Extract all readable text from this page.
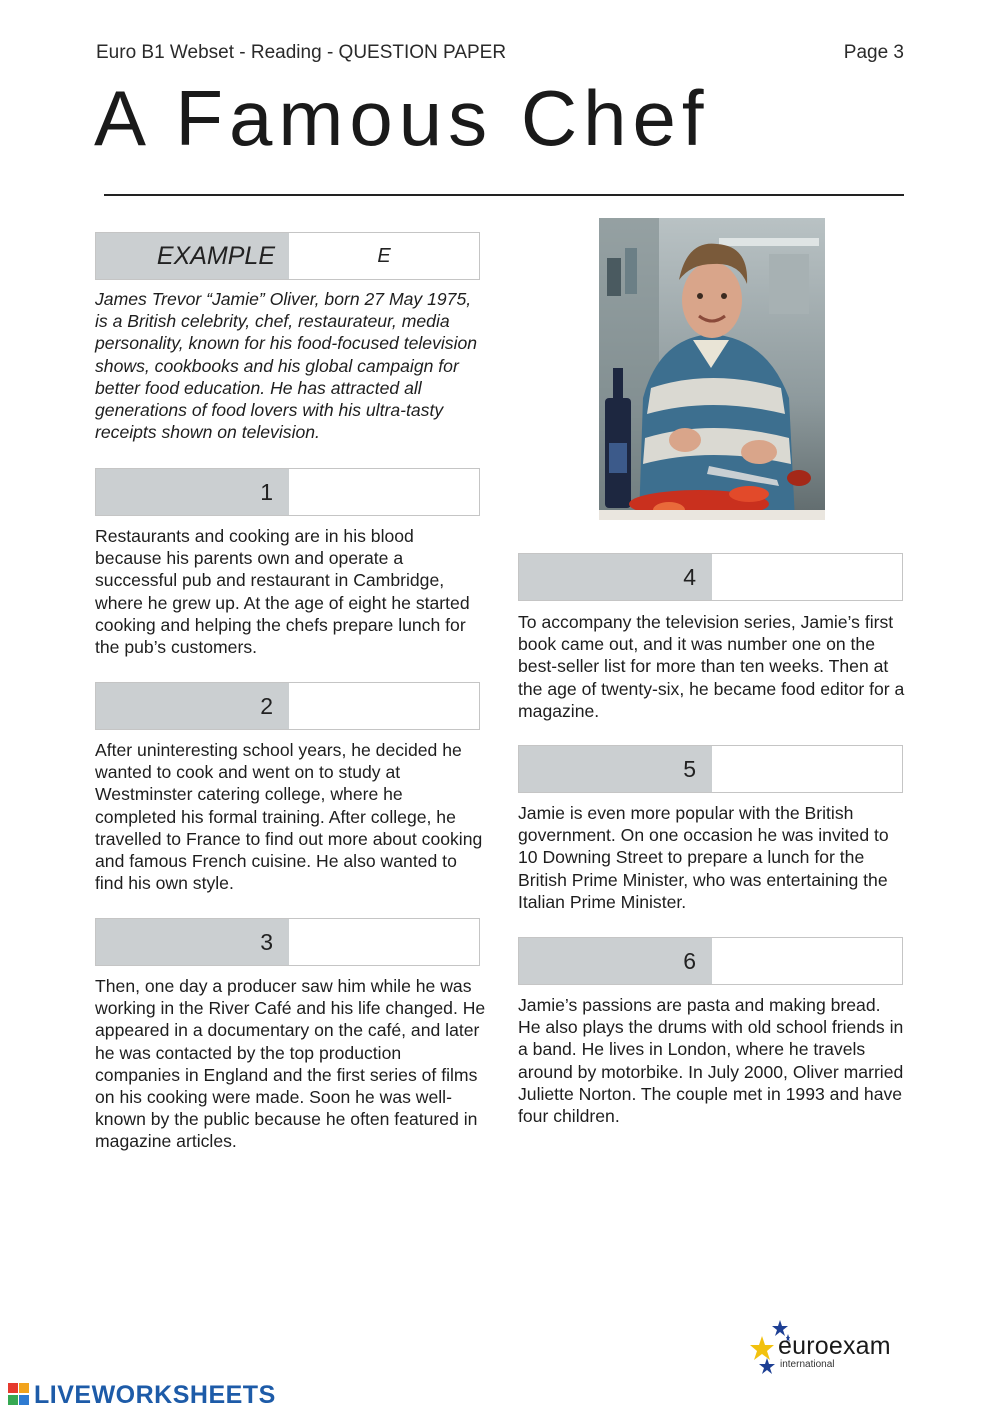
Euro B1 Webset - Reading - QUESTION PAPER	Page 3
A Famous Chef
EXAMPLE	E

James Trevor “Jamie” Oliver, born 27 May 1975, is a British celebrity, chef, restaurateur, media personality, known for his food-focused television shows, cookbooks and his global campaign for better food education. He has attracted all generations of food lovers with his ultra-tasty receipts shown on television.

1

Restaurants and cooking are in his blood because his parents own and operate a successful pub and restaurant in Cambridge, where he grew up. At the age of eight he started cooking and helping the chefs prepare lunch for the pub’s customers.

2

After uninteresting school years, he decided he wanted to cook and went on to study at Westminster catering college, where he completed his formal training. After college, he travelled to France to find out more about cooking and famous French cuisine. He also wanted to find his own style.

3

Then, one day a producer saw him while he was working in the River Café and his life changed. He appeared in a documentary on the café, and later he was contacted by the top production companies in England and the first series of films on his cooking were made. Soon he was well-known by the public because he often featured in magazine articles.

4

To accompany the television series, Jamie’s first book came out, and it was number one on the best-seller list for more than ten weeks. Then at the age of twenty-six, he became food editor for a magazine.

5

Jamie is even more popular with the British government. On one occasion he was invited to 10 Downing Street to prepare a lunch for the British Prime Minister, who was entertaining the Italian Prime Minister.

6

Jamie’s passions are pasta and making bread. He also plays the drums with old school friends in a band. He lives in London, where he travels around by motorbike. In July 2000, Oliver married Juliette Norton. The couple met in 1993 and have four children.

euroexam
international
LIVEWORKSHEETS
